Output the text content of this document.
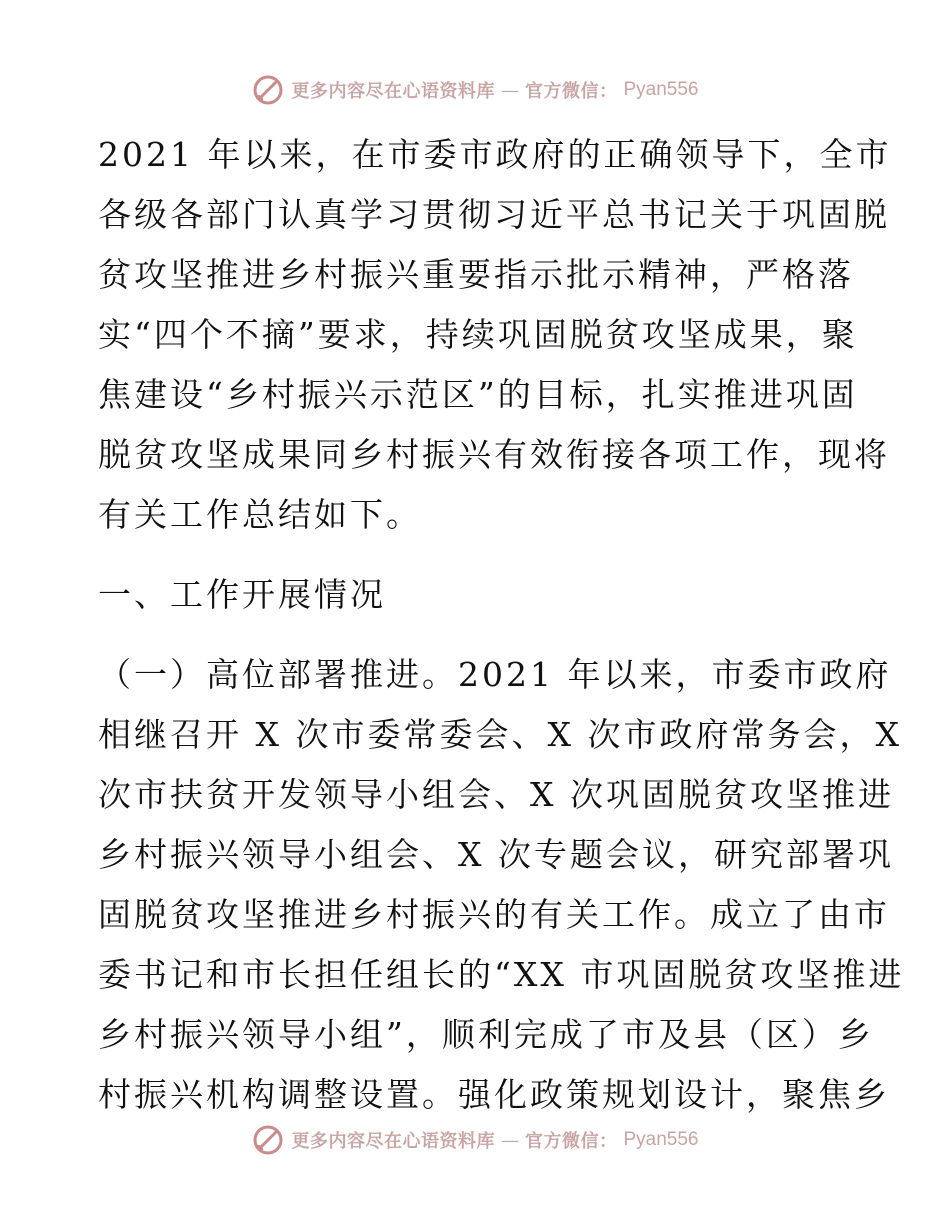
更多内容尽在心语资料库 — 官方微信： Pyan556
2021 年以来，在市委市政府的正确领导下，全市
各级各部门认真学习贯彻习近平总书记关于巩固脱
贫攻坚推进乡村振兴重要指示批示精神，严格落
实“四个不摘”要求，持续巩固脱贫攻坚成果，聚
焦建设“乡村振兴示范区”的目标，扎实推进巩固
脱贫攻坚成果同乡村振兴有效衔接各项工作，现将
有关工作总结如下。
一、工作开展情况
（一）高位部署推进。2021 年以来，市委市政府
相继召开 X 次市委常委会、X 次市政府常务会，X
次市扶贫开发领导小组会、X 次巩固脱贫攻坚推进
乡村振兴领导小组会、X 次专题会议，研究部署巩
固脱贫攻坚推进乡村振兴的有关工作。成立了由市
委书记和市长担任组长的“XX 市巩固脱贫攻坚推进
乡村振兴领导小组”，顺利完成了市及县（区）乡
村振兴机构调整设置。强化政策规划设计，聚焦乡
更多内容尽在心语资料库 — 官方微信： Pyan556
